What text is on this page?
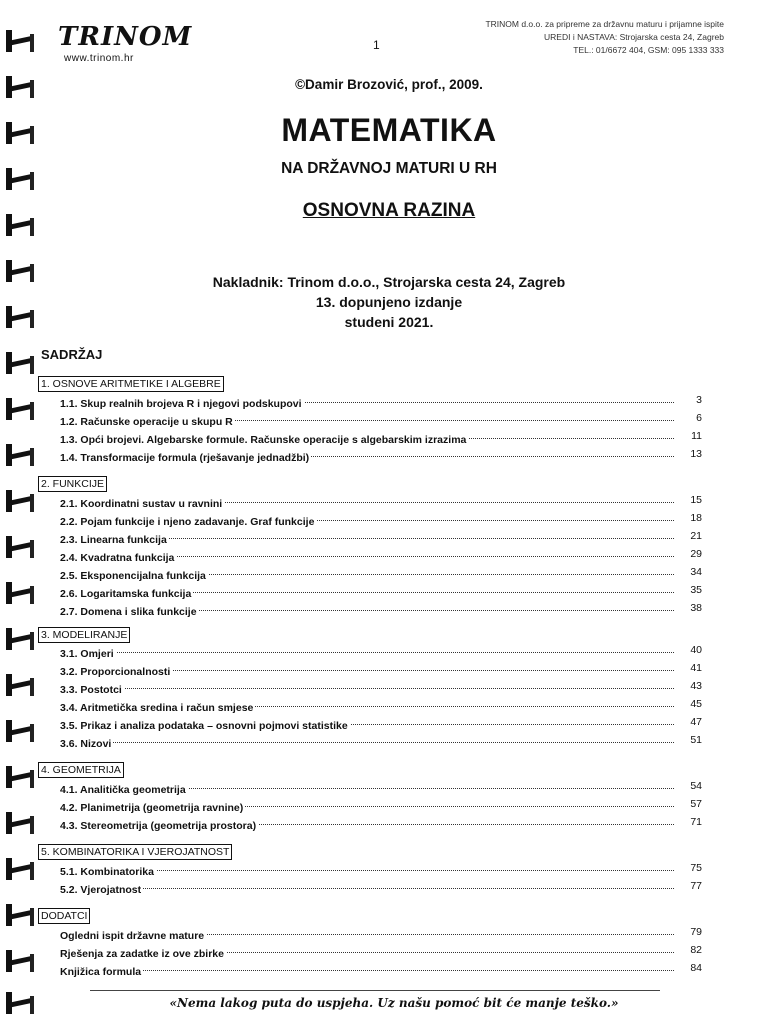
TRINOM
www.trinom.hr
1
TRINOM d.o.o. za pripreme za državnu maturu i prijamne ispite
UREDI i NASTAVA: Strojarska cesta 24, Zagreb
TEL.: 01/6672 404, GSM: 095 1333 333
©Damir Brozović, prof., 2009.
MATEMATIKA
NA DRŽAVNOJ MATURI U RH
OSNOVNA RAZINA
Nakladnik: Trinom d.o.o., Strojarska cesta 24, Zagreb
13. dopunjeno izdanje
studeni 2021.
SADRŽAJ
1. OSNOVE ARITMETIKE I ALGEBRE
1.1. Skup realnih brojeva R i njegovi podskupovi	3
1.2. Računske operacije u skupu R	6
1.3. Opći brojevi. Algebarske formule. Računske operacije s algebarskim izrazima	11
1.4. Transformacije formula (rješavanje jednadžbi)	13
2. FUNKCIJE
2.1. Koordinatni sustav u ravnini	15
2.2. Pojam funkcije i njeno zadavanje. Graf funkcije	18
2.3. Linearna funkcija	21
2.4. Kvadratna funkcija	29
2.5. Eksponencijalna funkcija	34
2.6. Logaritamska funkcija	35
2.7. Domena i slika funkcije	38
3. MODELIRANJE
3.1. Omjeri	40
3.2. Proporcionalnosti	41
3.3. Postotci	43
3.4. Aritmetička sredina i račun smjese	45
3.5. Prikaz i analiza podataka – osnovni pojmovi statistike	47
3.6. Nizovi	51
4. GEOMETRIJA
4.1. Analitička geometrija	54
4.2. Planimetrija (geometrija ravnine)	57
4.3. Stereometrija (geometrija prostora)	71
5. KOMBINATORIKA I VJEROJATNOST
5.1. Kombinatorika	75
5.2. Vjerojatnost	77
DODATCI
Ogledni ispit državne mature	79
Rješenja za zadatke iz ove zbirke	82
Knjižica formula	84
«Nema lakog puta do uspjeha. Uz našu pomoć bit će manje teško.»
